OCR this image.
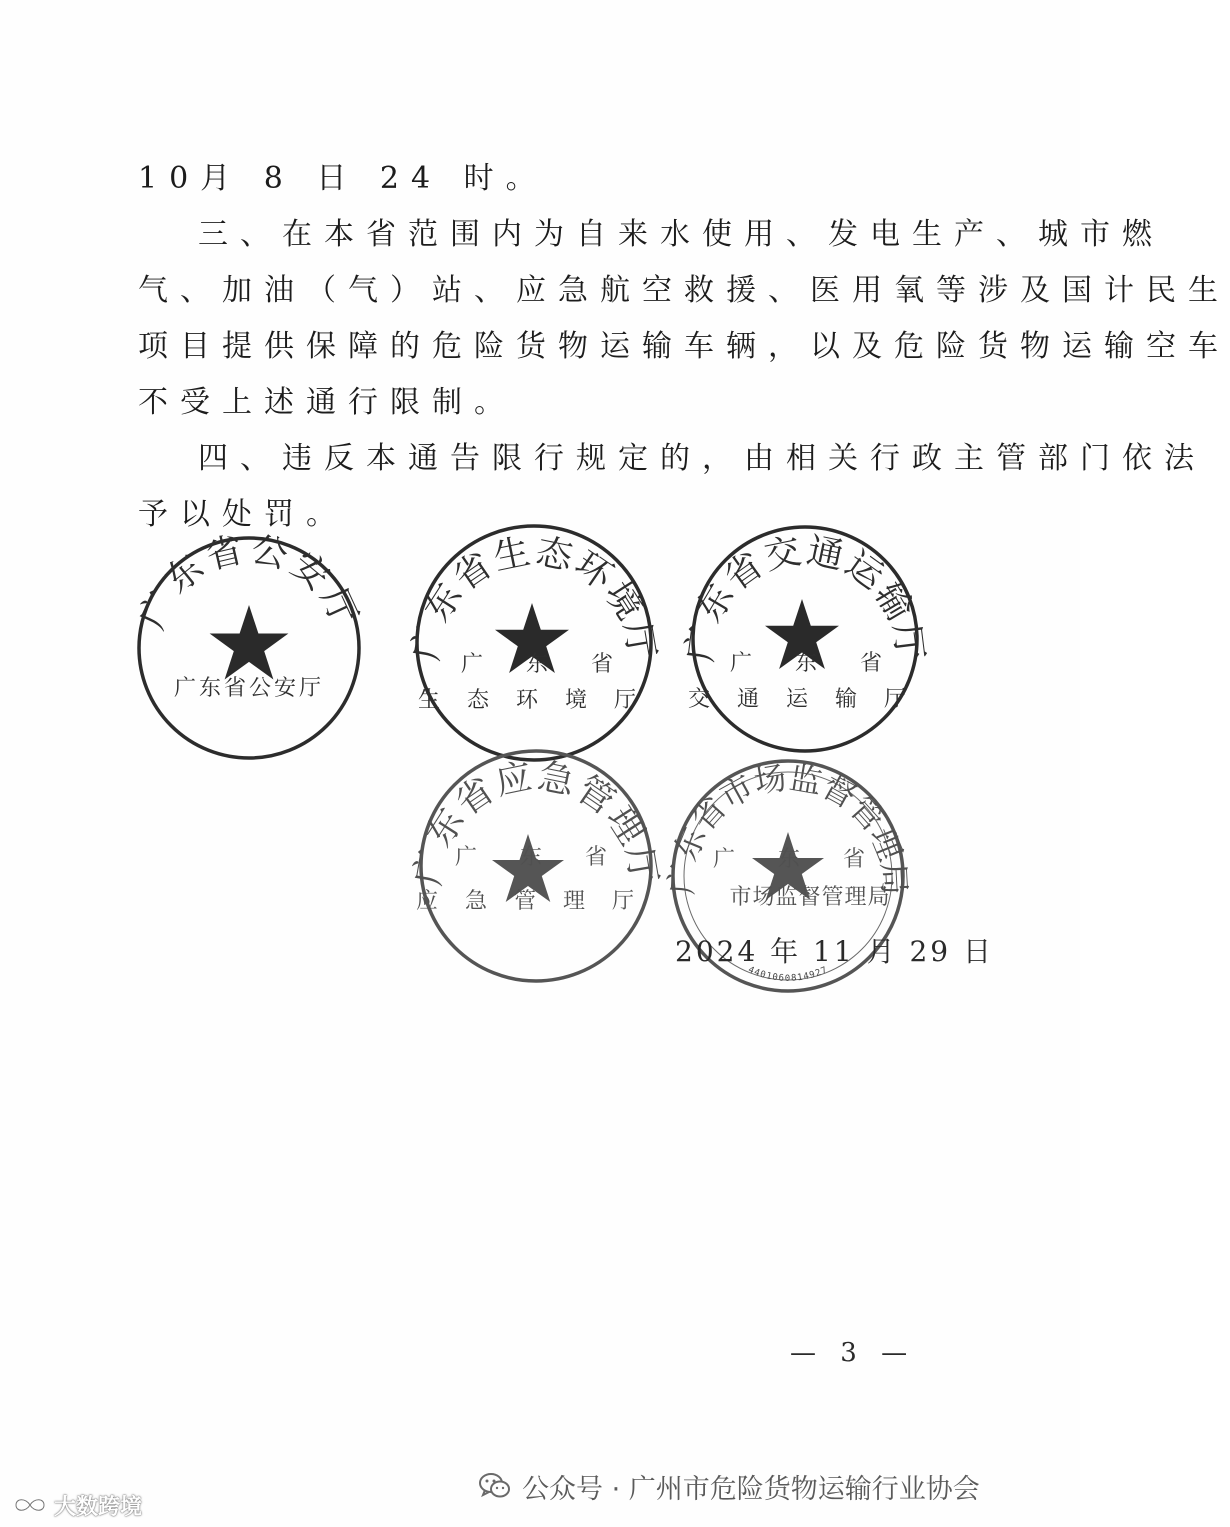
10月 8 日 24 时。
三、在本省范围内为自来水使用、发电生产、城市燃
气、加油（气）站、应急航空救援、医用氧等涉及国计民生
项目提供保障的危险货物运输车辆，以及危险货物运输空车
不受上述通行限制。
四、违反本通告限行规定的，由相关行政主管部门依法
予以处罚。
广东省公安厅
广东省公安厅
广东省生态环境厅
广 东 省
生 态 环 境 厅
广东省交通运输厅
广 东 省
交 通 运 输 厅
广东省应急管理厅
广 东 省
应 急 管 理 厅
广东省市场监督管理局
广 东 省
市场监督管理局
4401060814927
2024 年 11 月 29 日
— 3 —
公众号 · 广州市危险货物运输行业协会
大数跨境
